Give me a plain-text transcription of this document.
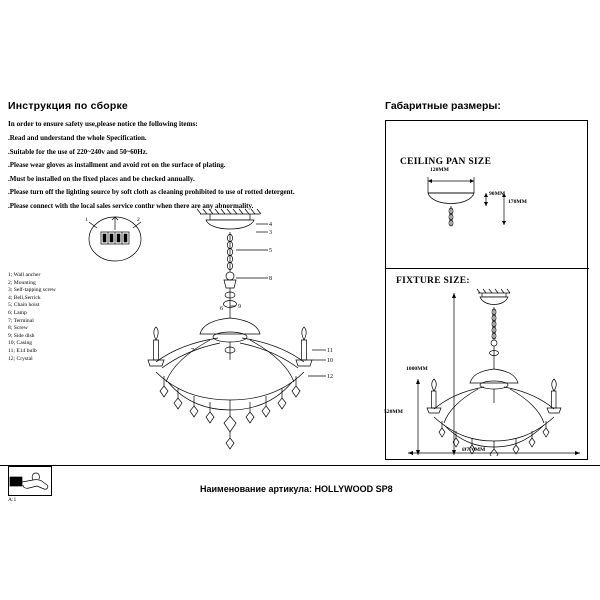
Инструкция по сборке
In order to ensure safety use,please notice the following items:
.Read and understand the whole Specification.
.Suitable for the use of 220~240v and 50~60Hz.
.Please wear gloves as installment and avoid rot on the surface of plating.
.Must be installed on the fixed places and be checked annually.
.Please turn off the lighting source by soft cloth as cleaning prohibited to use of rotted detergent.
.Please connect with the local sales service conthr when there are any abnormality.
1; Wall ancher
2; Mounting
3; Self-tapping screw
4; Bell,Serrick
5; Chain hoist
6; Lamp
7; Terminal
8; Screw
9; Side dish
10; Casing
11; E14 bulb
12; Crystal
4
3
5
8
9
6
11
10
12
7
1	2
Габаритные размеры:
CEILING PAN SIZE
FIXTURE SIZE:
120MM
90MM
170MM
1000MM
520MM
Ø770MM
A:1
Наименование артикула: HOLLYWOOD SP8
